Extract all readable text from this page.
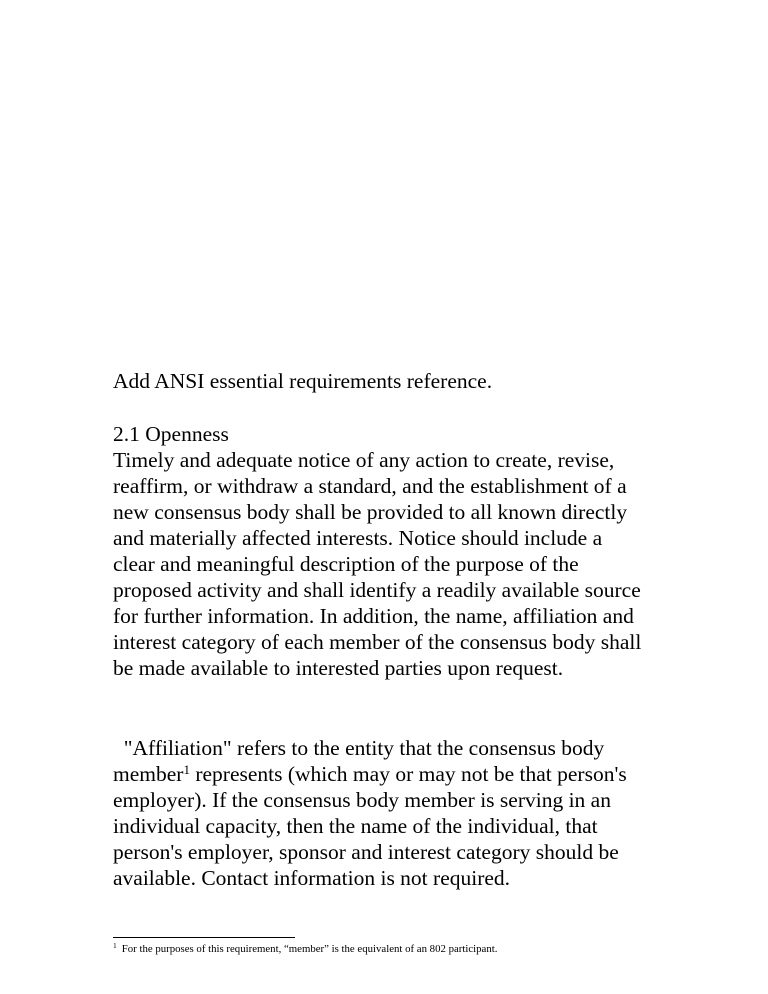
Add ANSI essential requirements reference.

2.1 Openness
Timely and adequate notice of any action to create, revise, reaffirm, or withdraw a standard, and the establishment of a new consensus body shall be provided to all known directly and materially affected interests. Notice should include a clear and meaningful description of the purpose of the proposed activity and shall identify a readily available source for further information. In addition, the name, affiliation and interest category of each member of the consensus body shall be made available to interested parties upon request.

"Affiliation" refers to the entity that the consensus body member$^1$ represents (which may or may not be that person's employer). If the consensus body member is serving in an individual capacity, then the name of the individual, that person's employer, sponsor and interest category should be available. Contact information is not required.

$^1$ For the purposes of this requirement, “member” is the equivalent of an 802 participant.
